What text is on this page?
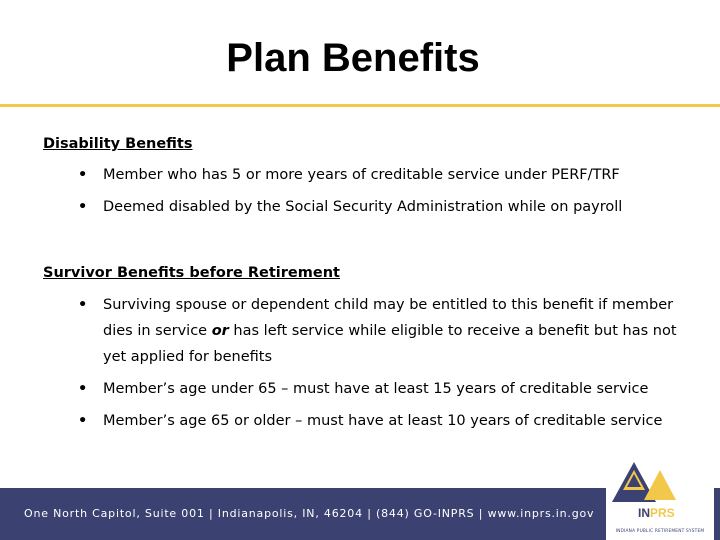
Plan Benefits
Disability Benefits
• Member who has 5 or more years of creditable service under PERF/TRF
• Deemed disabled by the Social Security Administration while on payroll
Survivor Benefits before Retirement
• Surviving spouse or dependent child may be entitled to this benefit if member dies in service or has left service while eligible to receive a benefit but has not yet applied for benefits
• Member’s age under 65 – must have at least 15 years of creditable service
• Member’s age 65 or older – must have at least 10 years of creditable service
One North Capitol, Suite 001 | Indianapolis, IN, 46204 | (844) GO-INPRS | www.inprs.in.gov	INPRS
INDIANA PUBLIC RETIREMENT SYSTEM
